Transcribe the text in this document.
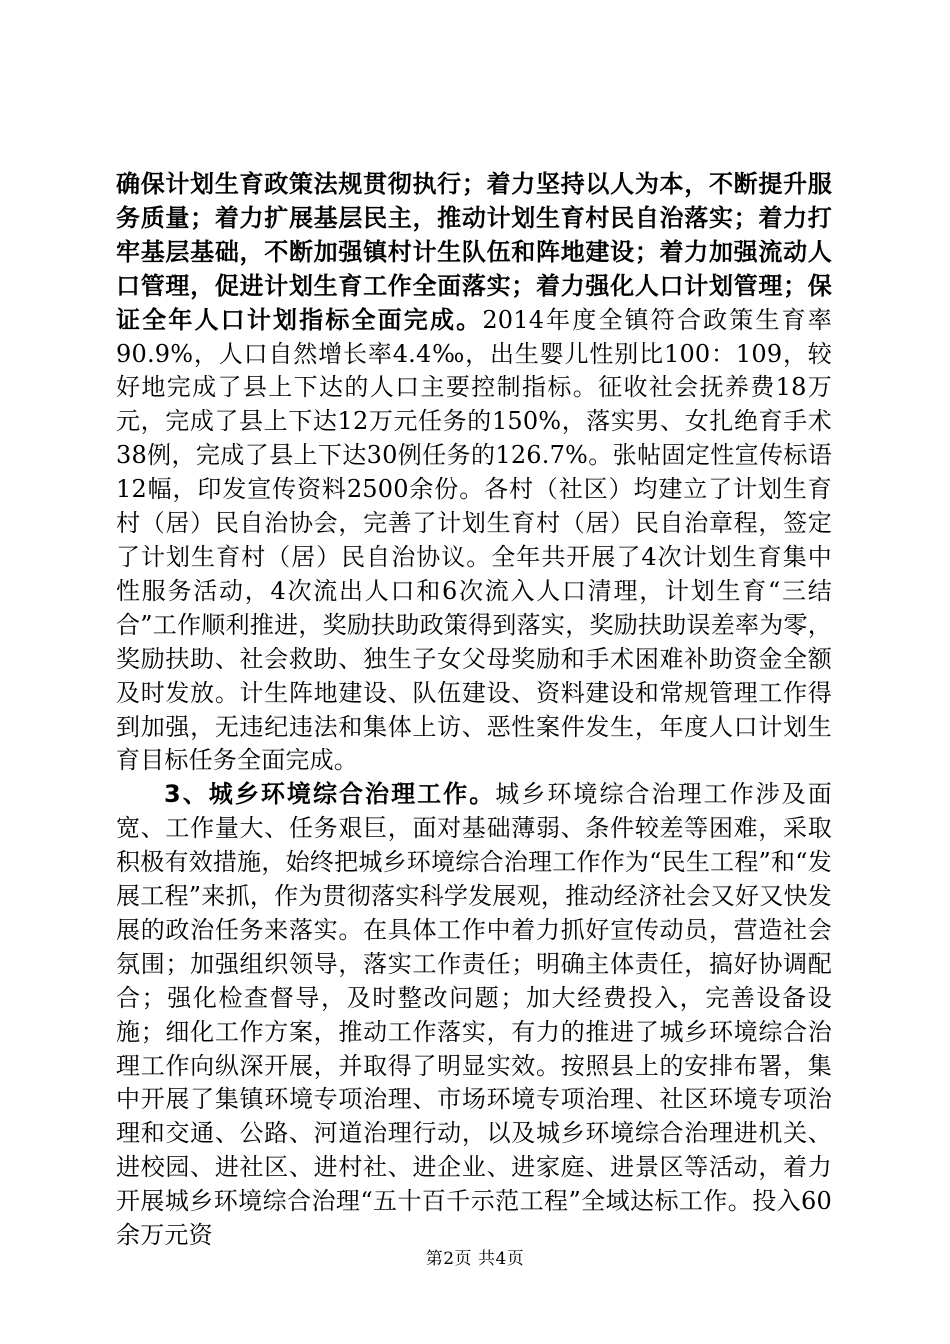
确保计划生育政策法规贯彻执行；着力坚持以人为本，不断提升服务质量；着力扩展基层民主，推动计划生育村民自治落实；着力打牢基层基础，不断加强镇村计生队伍和阵地建设；着力加强流动人口管理，促进计划生育工作全面落实；着力强化人口计划管理；保证全年人口计划指标全面完成。2014年度全镇符合政策生育率90.9%，人口自然增长率4.4‰，出生婴儿性别比100：109，较好地完成了县上下达的人口主要控制指标。征收社会抚养费18万元，完成了县上下达12万元任务的150%，落实男、女扎绝育手术38例，完成了县上下达30例任务的126.7%。张帖固定性宣传标语12幅，印发宣传资料2500余份。各村（社区）均建立了计划生育村（居）民自治协会，完善了计划生育村（居）民自治章程，签定了计划生育村（居）民自治协议。全年共开展了4次计划生育集中性服务活动，4次流出人口和6次流入人口清理，计划生育“三结合”工作顺利推进，奖励扶助政策得到落实，奖励扶助误差率为零，奖励扶助、社会救助、独生子女父母奖励和手术困难补助资金全额及时发放。计生阵地建设、队伍建设、资料建设和常规管理工作得到加强，无违纪违法和集体上访、恶性案件发生，年度人口计划生育目标任务全面完成。

3、城乡环境综合治理工作。城乡环境综合治理工作涉及面宽、工作量大、任务艰巨，面对基础薄弱、条件较差等困难，采取积极有效措施，始终把城乡环境综合治理工作作为“民生工程”和“发展工程”来抓，作为贯彻落实科学发展观，推动经济社会又好又快发展的政治任务来落实。在具体工作中着力抓好宣传动员，营造社会氛围；加强组织领导，落实工作责任；明确主体责任，搞好协调配合；强化检查督导，及时整改问题；加大经费投入，完善设备设施；细化工作方案，推动工作落实，有力的推进了城乡环境综合治理工作向纵深开展，并取得了明显实效。按照县上的安排布署，集中开展了集镇环境专项治理、市场环境专项治理、社区环境专项治理和交通、公路、河道治理行动，以及城乡环境综合治理进机关、进校园、进社区、进村社、进企业、进家庭、进景区等活动，着力开展城乡环境综合治理“五十百千示范工程”全域达标工作。投入60余万元资

第2页 共4页
